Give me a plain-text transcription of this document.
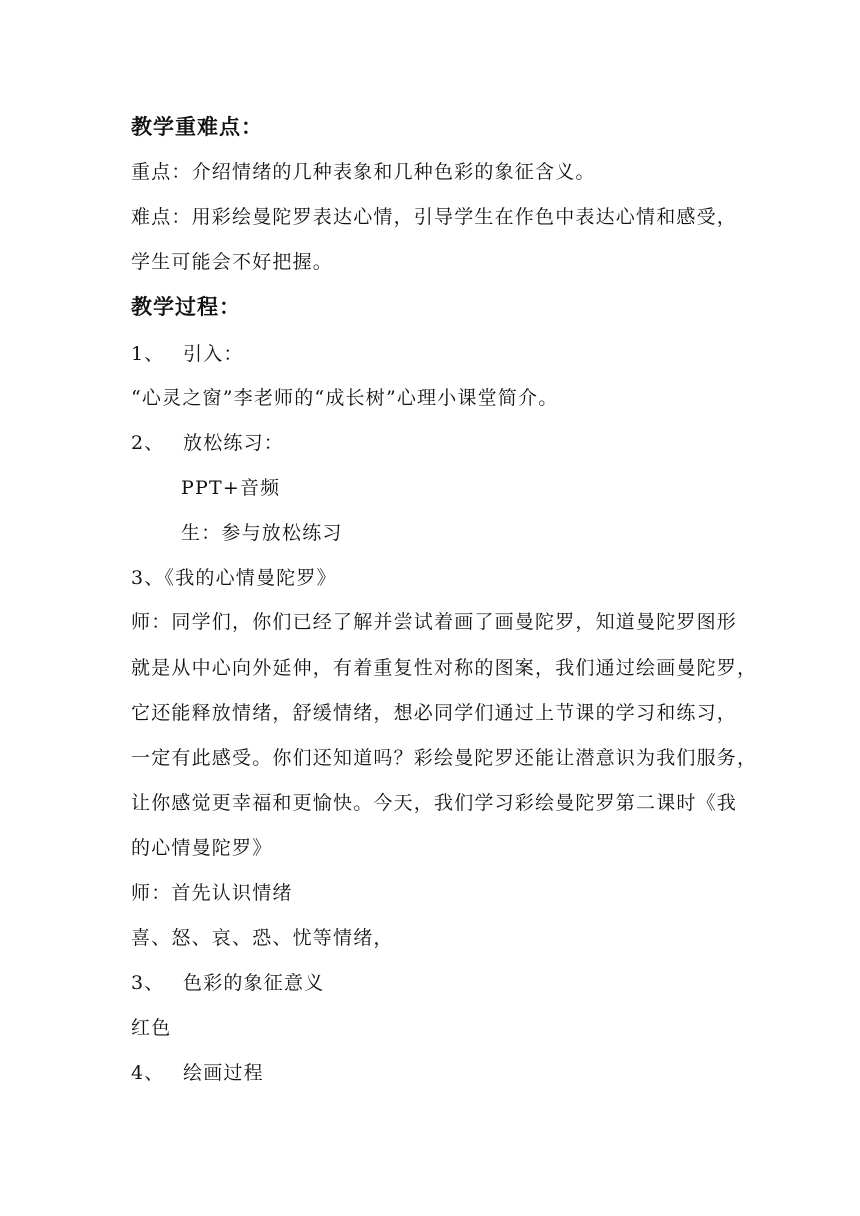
教学重难点：
重点：介绍情绪的几种表象和几种色彩的象征含义。
难点：用彩绘曼陀罗表达心情，引导学生在作色中表达心情和感受，
学生可能会不好把握。
教学过程：
1、 引入：
“心灵之窗”李老师的“成长树”心理小课堂简介。
2、 放松练习：
PPT+音频
生：参与放松练习
3、《我的心情曼陀罗》
师：同学们，你们已经了解并尝试着画了画曼陀罗，知道曼陀罗图形
就是从中心向外延伸，有着重复性对称的图案，我们通过绘画曼陀罗，
它还能释放情绪，舒缓情绪，想必同学们通过上节课的学习和练习，
一定有此感受。你们还知道吗？彩绘曼陀罗还能让潜意识为我们服务，
让你感觉更幸福和更愉快。今天，我们学习彩绘曼陀罗第二课时《我
的心情曼陀罗》
师：首先认识情绪
喜、怒、哀、恐、忧等情绪，
3、 色彩的象征意义
红色
4、 绘画过程
